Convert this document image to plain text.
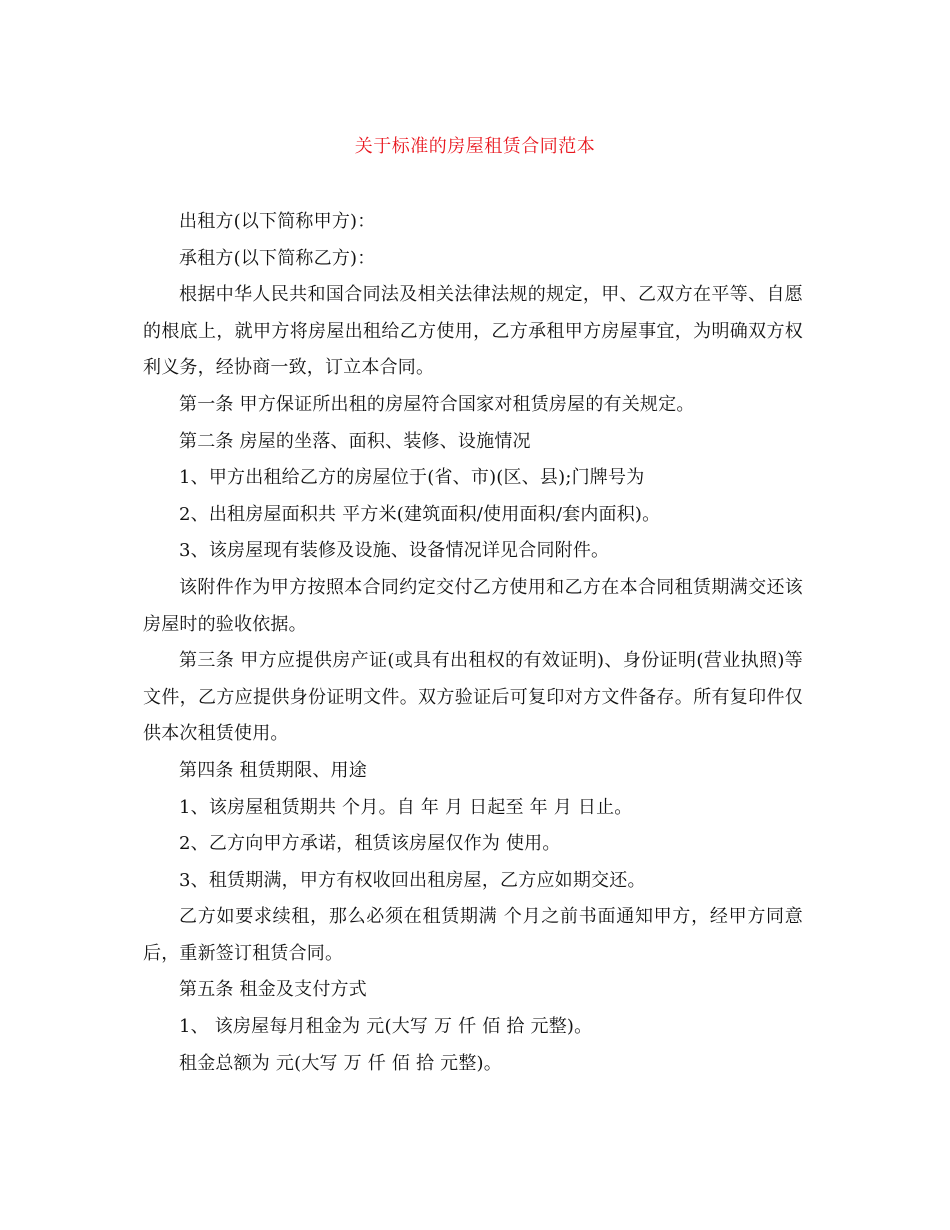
关于标准的房屋租赁合同范本

出租方(以下简称甲方)：

承租方(以下简称乙方)：

根据中华人民共和国合同法及相关法律法规的规定，甲、乙双方在平等、自愿的根底上，就甲方将房屋出租给乙方使用，乙方承租甲方房屋事宜，为明确双方权利义务，经协商一致，订立本合同。

第一条 甲方保证所出租的房屋符合国家对租赁房屋的有关规定。

第二条 房屋的坐落、面积、装修、设施情况

1、甲方出租给乙方的房屋位于(省、市)(区、县);门牌号为

2、出租房屋面积共 平方米(建筑面积/使用面积/套内面积)。

3、该房屋现有装修及设施、设备情况详见合同附件。

该附件作为甲方按照本合同约定交付乙方使用和乙方在本合同租赁期满交还该房屋时的验收依据。

第三条 甲方应提供房产证(或具有出租权的有效证明)、身份证明(营业执照)等文件，乙方应提供身份证明文件。双方验证后可复印对方文件备存。所有复印件仅供本次租赁使用。

第四条 租赁期限、用途

1、该房屋租赁期共 个月。自 年 月 日起至 年 月 日止。

2、乙方向甲方承诺，租赁该房屋仅作为 使用。

3、租赁期满，甲方有权收回出租房屋，乙方应如期交还。

乙方如要求续租，那么必须在租赁期满 个月之前书面通知甲方，经甲方同意后，重新签订租赁合同。

第五条 租金及支付方式

1、 该房屋每月租金为 元(大写 万 仟 佰 拾 元整)。

租金总额为 元(大写 万 仟 佰 拾 元整)。
